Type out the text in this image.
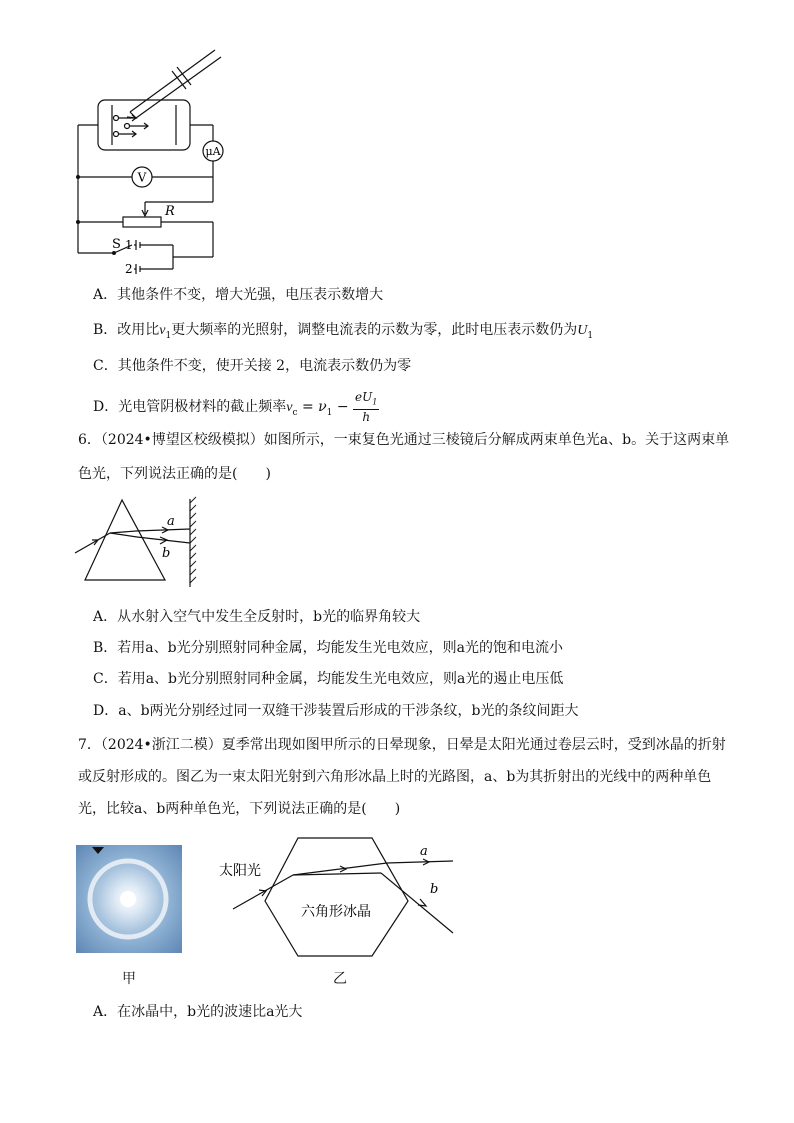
μA
V
R
S 1
2
A．其他条件不变，增大光强，电压表示数增大
B．改用比$\nu_1$更大频率的光照射，调整电流表的示数为零，此时电压表示数仍为$U_1$
C．其他条件不变，使开关接 2，电流表示数仍为零
D．光电管阴极材料的截止频率$\nu_c = \nu_1 - \frac{eU_1}{h}$
6．（2024•博望区校级模拟）如图所示，一束复色光通过三棱镜后分解成两束单色光a、b。关于这两束单
色光，下列说法正确的是(　　)
a
b
A．从水射入空气中发生全反射时，b光的临界角较大
B．若用a、b光分别照射同种金属，均能发生光电效应，则a光的饱和电流小
C．若用a、b光分别照射同种金属，均能发生光电效应，则a光的遏止电压低
D．a、b两光分别经过同一双缝干涉装置后形成的干涉条纹，b光的条纹间距大
7．（2024•浙江二模）夏季常出现如图甲所示的日晕现象，日晕是太阳光通过卷层云时，受到冰晶的折射
或反射形成的。图乙为一束太阳光射到六角形冰晶上时的光路图，a、b为其折射出的光线中的两种单色
光，比较a、b两种单色光，下列说法正确的是(　　)
甲
太阳光
六角形冰晶
a
b
乙
A．在冰晶中，b光的波速比a光大
